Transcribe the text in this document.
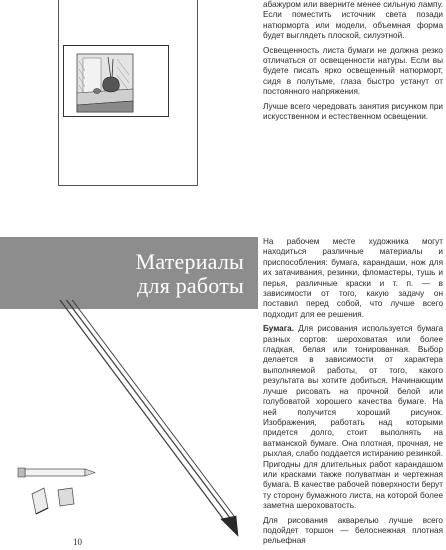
абажуром или вверните менее сильную лампу. Если поместить источник света позади натюрморта или модели, объемная форма будет выглядеть плоской, силуэтной.

Освещенность листа бумаги не должна резко отличаться от освещенности натуры. Если вы будете писать ярко освещенный натюрморт, сидя в полутьме, глаза быстро устанут от постоянного напряжения.

Лучше всего чередовать занятия рисунком при искусственном и естественном освещении.

Материалы
для работы

На рабочем месте художника могут находиться различные материалы и приспособления: бумага, карандаши, нож для их затачивания, резинки, фломастеры, тушь и перья, различные краски и т. п. — в зависимости от того, какую задачу он поставил перед собой, что лучше всего подходит для ее решения.

Бумага. Для рисования используется бумага разных сортов: шероховатая или более гладкая, белая или тонированная. Выбор делается в зависимости от характера выполняемой работы, от того, какого результата вы хотите добиться. Начинающим лучше рисовать на прочной белой или голубоватой хорошего качества бумаге. На ней получится хороший рисунок. Изображения, работать над которыми придется долго, стоит выполнять на ватманской бумаге. Она плотная, прочная, не рыхлая, слабо поддается истиранию резинкой. Пригодны для длительных работ карандашом или красками также полуватман и чертежная бумага. В качестве рабочей поверхности берут ту сторону бумажного листа, на которой более заметна шероховатость.

Для рисования акварелью лучше всего подойдет торшон — белоснежная плотная рельефная

10
